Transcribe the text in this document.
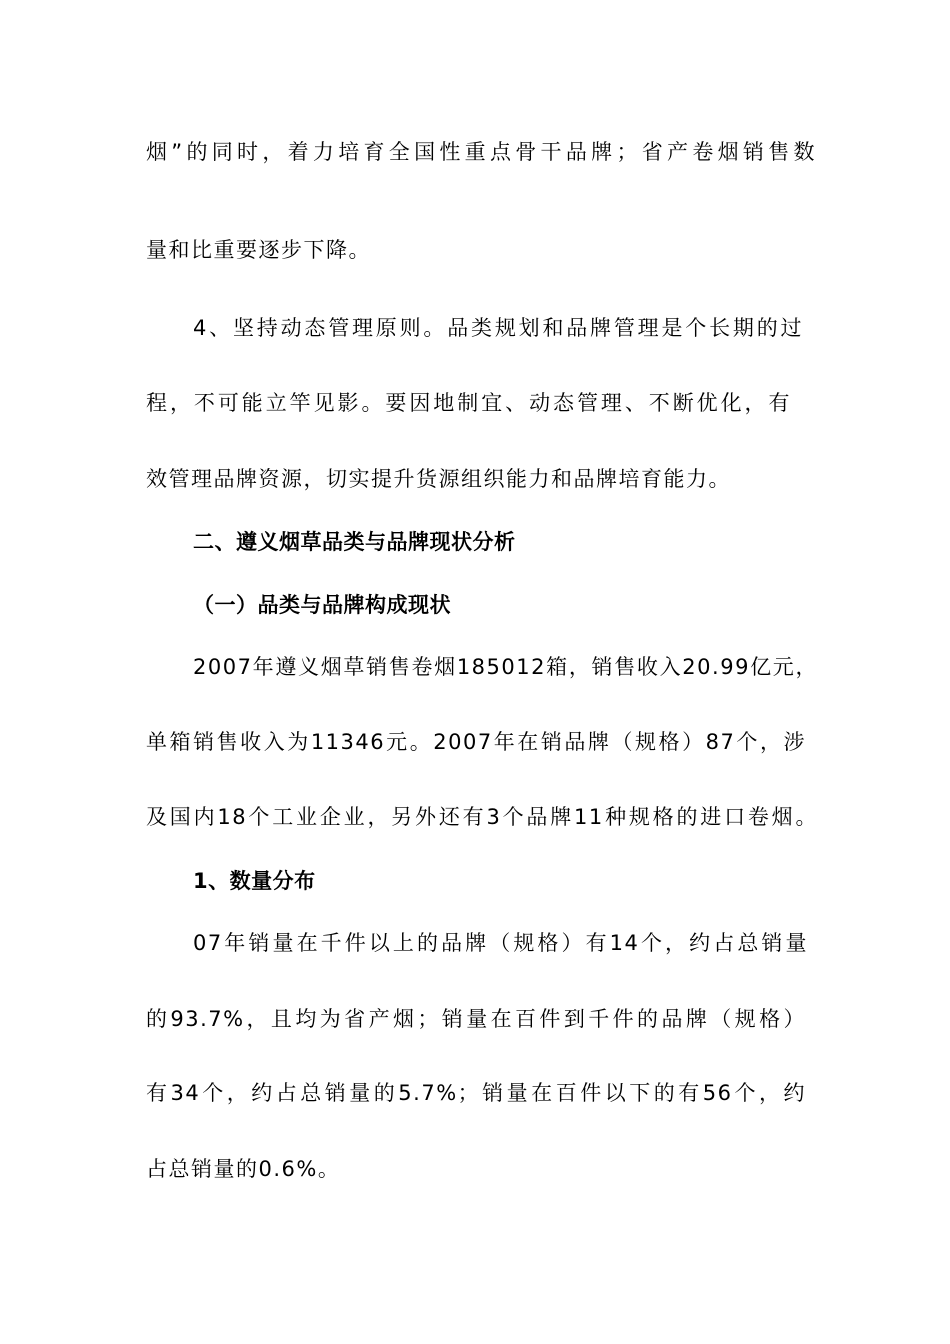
烟”的同时，着力培育全国性重点骨干品牌；省产卷烟销售数
量和比重要逐步下降。
4、坚持动态管理原则。品类规划和品牌管理是个长期的过
程，不可能立竿见影。要因地制宜、动态管理、不断优化，有
效管理品牌资源，切实提升货源组织能力和品牌培育能力。
二、遵义烟草品类与品牌现状分析
（一）品类与品牌构成现状
2007年遵义烟草销售卷烟185012箱，销售收入20.99亿元，
单箱销售收入为11346元。2007年在销品牌（规格）87个，涉
及国内18个工业企业，另外还有3个品牌11种规格的进口卷烟。
1、数量分布
07年销量在千件以上的品牌（规格）有14个，约占总销量
的93.7%，且均为省产烟；销量在百件到千件的品牌（规格）
有34个，约占总销量的5.7%；销量在百件以下的有56个，约
占总销量的0.6%。
